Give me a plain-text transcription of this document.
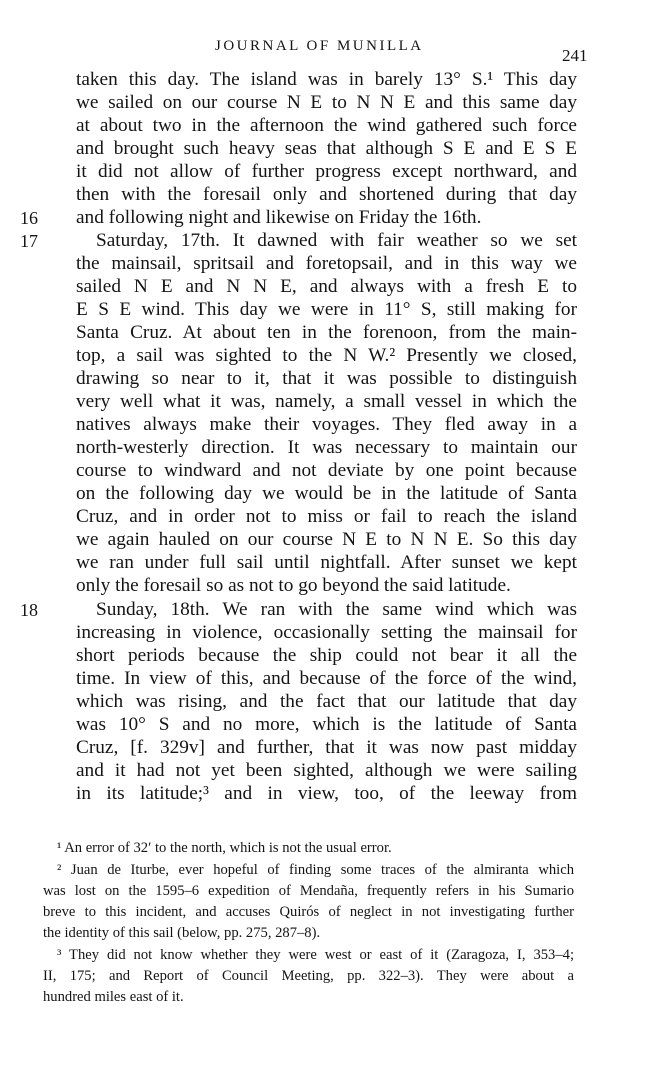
JOURNAL OF MUNILLA	241
taken this day. The island was in barely 13° S.¹ This day
we sailed on our course N E to N N E and this same day
at about two in the afternoon the wind gathered such force
and brought such heavy seas that although S E and E S E
it did not allow of further progress except northward, and
then with the foresail only and shortened during that day
16 and following night and likewise on Friday the 16th.
17	Saturday, 17th. It dawned with fair weather so we set
the mainsail, spritsail and foretopsail, and in this way we
sailed N E and N N E, and always with a fresh E to
E S E wind. This day we were in 11° S, still making for
Santa Cruz. At about ten in the forenoon, from the main-
top, a sail was sighted to the N W.² Presently we closed,
drawing so near to it, that it was possible to distinguish
very well what it was, namely, a small vessel in which the
natives always make their voyages. They fled away in a
north-westerly direction. It was necessary to maintain our
course to windward and not deviate by one point because
on the following day we would be in the latitude of Santa
Cruz, and in order not to miss or fail to reach the island
we again hauled on our course N E to N N E. So this day
we ran under full sail until nightfall. After sunset we kept
only the foresail so as not to go beyond the said latitude.
18	Sunday, 18th. We ran with the same wind which was
increasing in violence, occasionally setting the mainsail for
short periods because the ship could not bear it all the
time. In view of this, and because of the force of the wind,
which was rising, and the fact that our latitude that day
was 10° S and no more, which is the latitude of Santa
Cruz, [f. 329v] and further, that it was now past midday
and it had not yet been sighted, although we were sailing
in its latitude;³ and in view, too, of the leeway from
¹ An error of 32′ to the north, which is not the usual error.
² Juan de Iturbe, ever hopeful of finding some traces of the almiranta which
was lost on the 1595–6 expedition of Mendaña, frequently refers in his Sumario
breve to this incident, and accuses Quirós of neglect in not investigating further
the identity of this sail (below, pp. 275, 287–8).
³ They did not know whether they were west or east of it (Zaragoza, I, 353–4;
II, 175; and Report of Council Meeting, pp. 322–3). They were about a
hundred miles east of it.
